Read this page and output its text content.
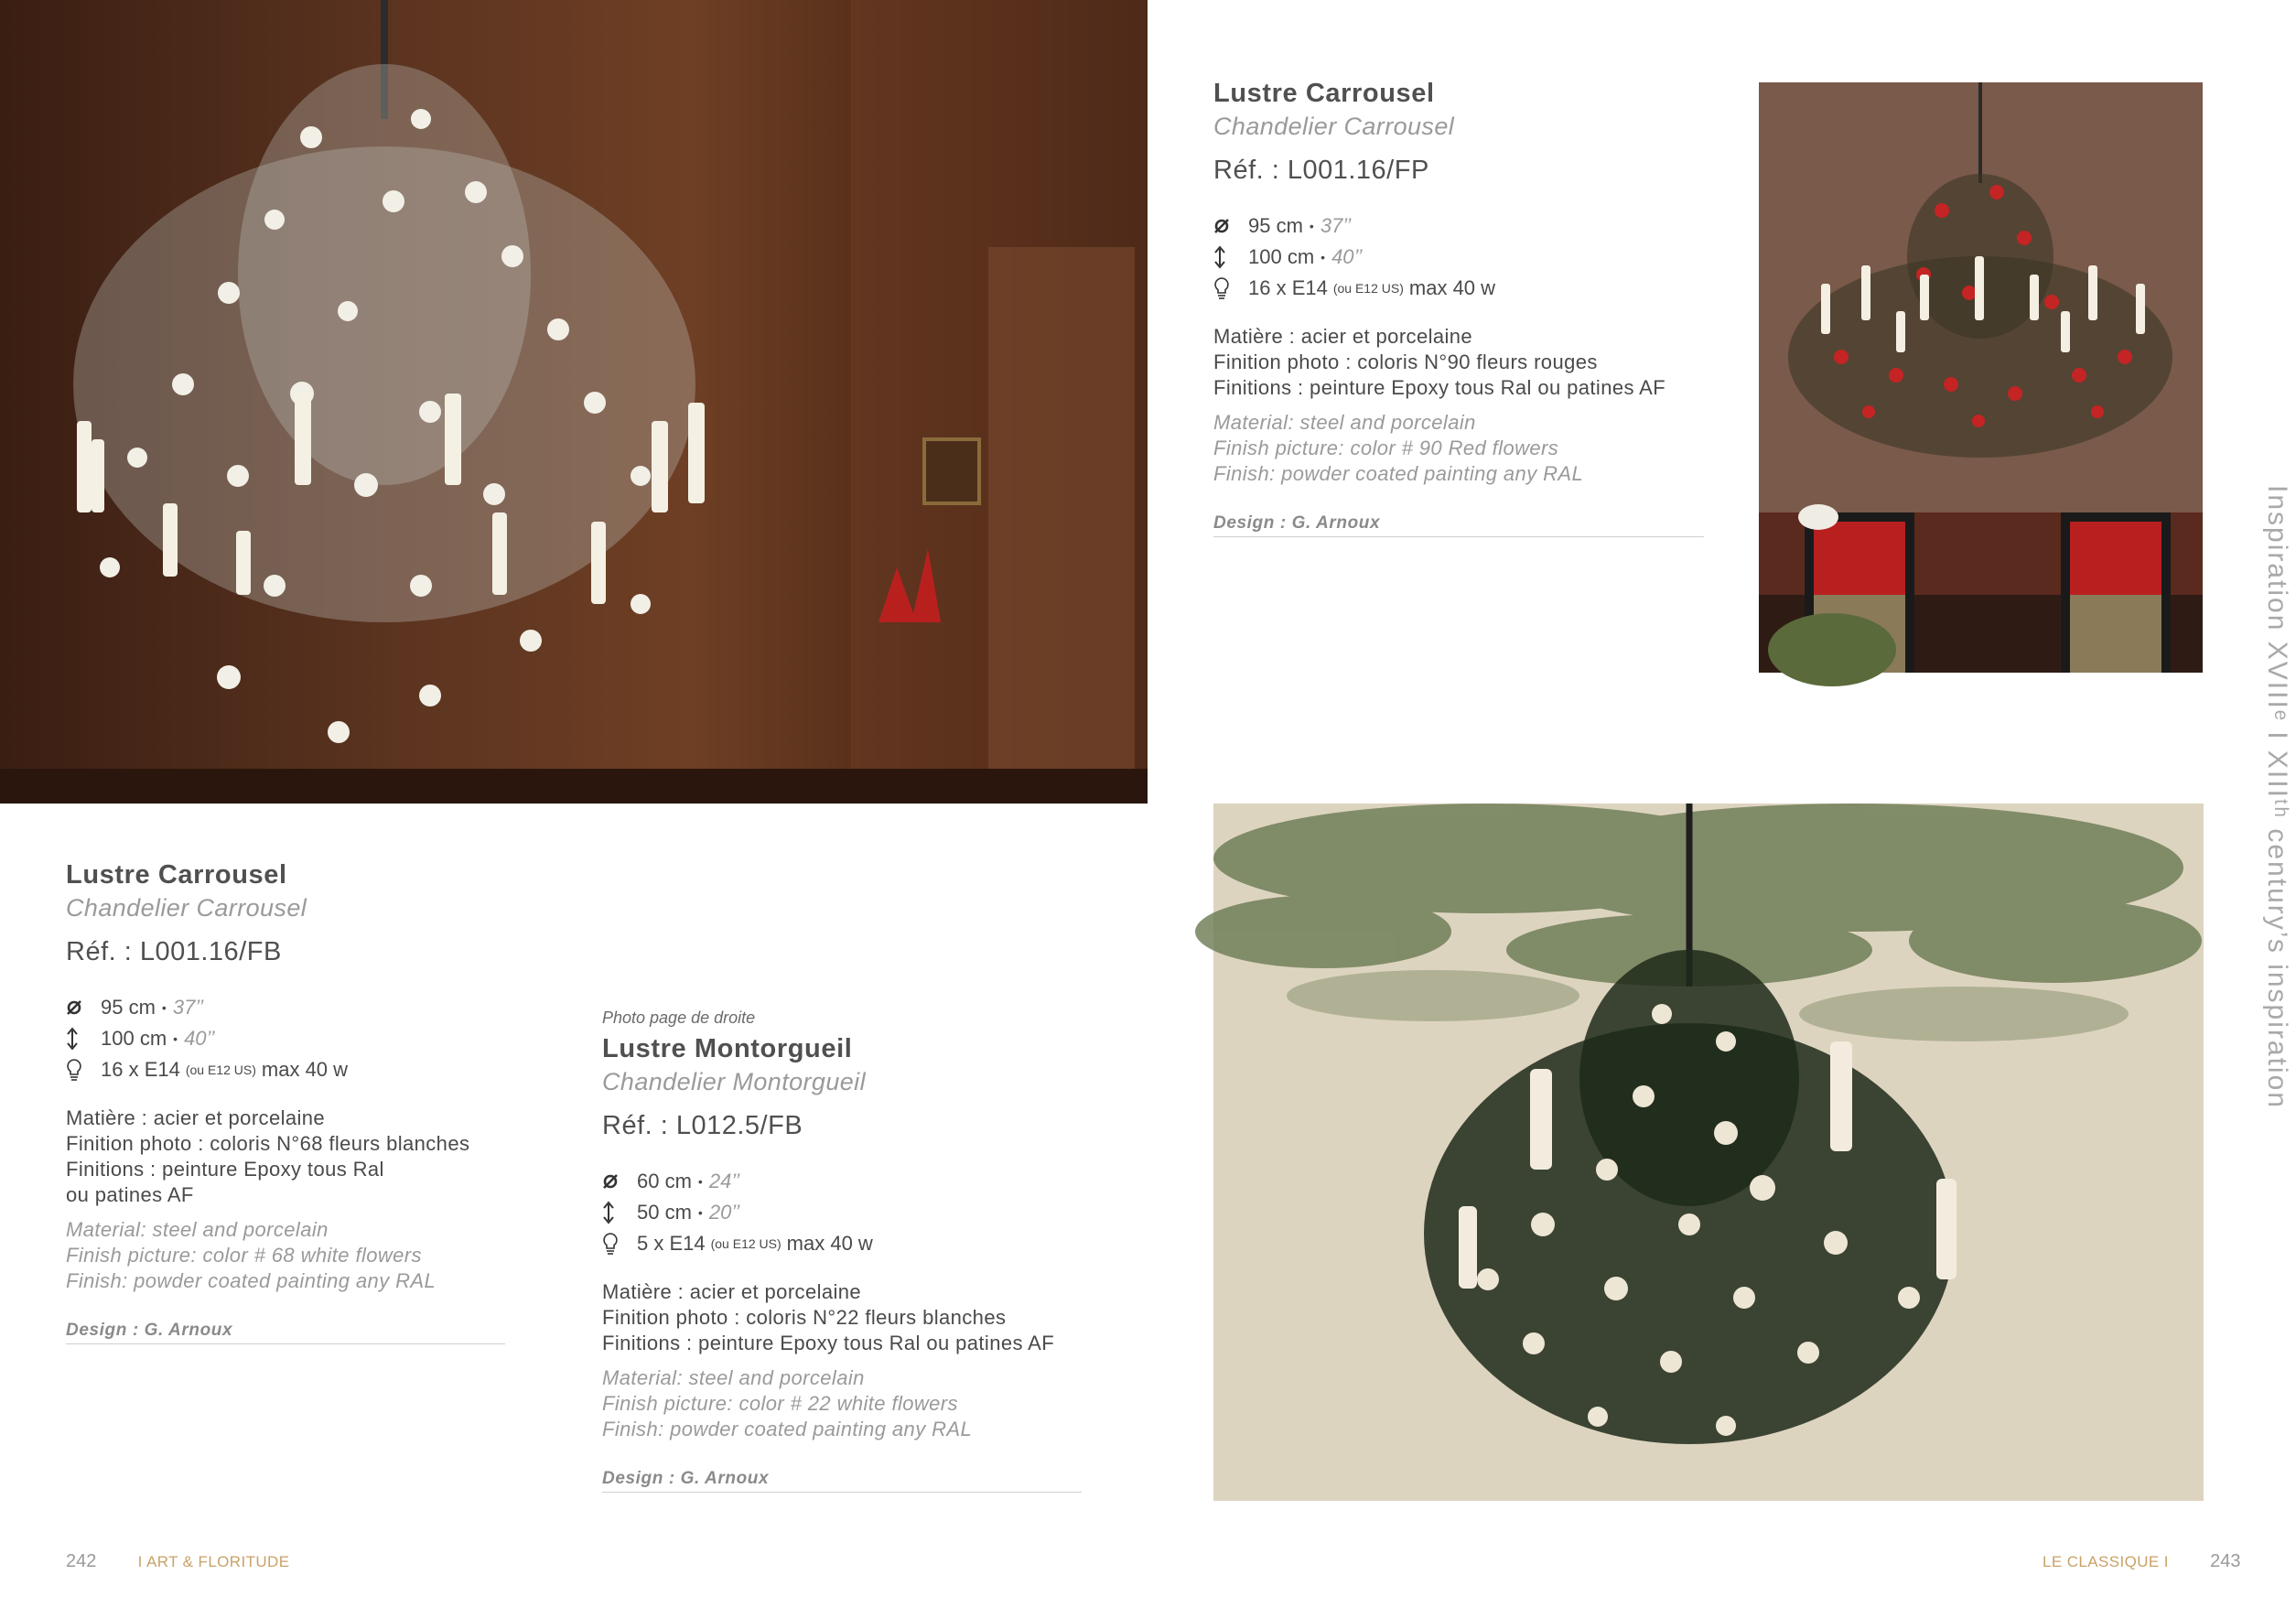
Lustre Carrousel
Chandelier Carrousel
Réf. : L001.16/FB
95 cm • 37’’
100 cm • 40’’
16 x E14 (ou E12 US) max 40 w
Matière : acier et porcelaine
Finition photo : coloris N°68 fleurs blanches
Finitions : peinture Epoxy tous Ral
ou patines AF
Material: steel and porcelain
Finish picture: color # 68 white flowers
Finish: powder coated painting any RAL
Design : G. Arnoux
Photo page de droite
Lustre Montorgueil
Chandelier Montorgueil
Réf. : L012.5/FB
60 cm • 24’’
50 cm • 20’’
5 x E14 (ou E12 US) max 40 w
Matière : acier et porcelaine
Finition photo : coloris N°22 fleurs blanches
Finitions : peinture Epoxy tous Ral ou patines AF
Material: steel and porcelain
Finish picture: color # 22 white flowers
Finish: powder coated painting any RAL
Design : G. Arnoux
242	I ART & FLORITUDE
Lustre Carrousel
Chandelier Carrousel
Réf. : L001.16/FP
95 cm • 37’’
100 cm • 40’’
16 x E14 (ou E12 US) max 40 w
Matière : acier et porcelaine
Finition photo : coloris N°90 fleurs rouges
Finitions : peinture Epoxy tous Ral ou patines AF
Material: steel and porcelain
Finish picture: color # 90 Red flowers
Finish: powder coated painting any RAL
Design : G. Arnoux	Inspiration XVIIIᵉ I XIIIᵗʰ century’s inspiration
LE CLASSIQUE I 243
